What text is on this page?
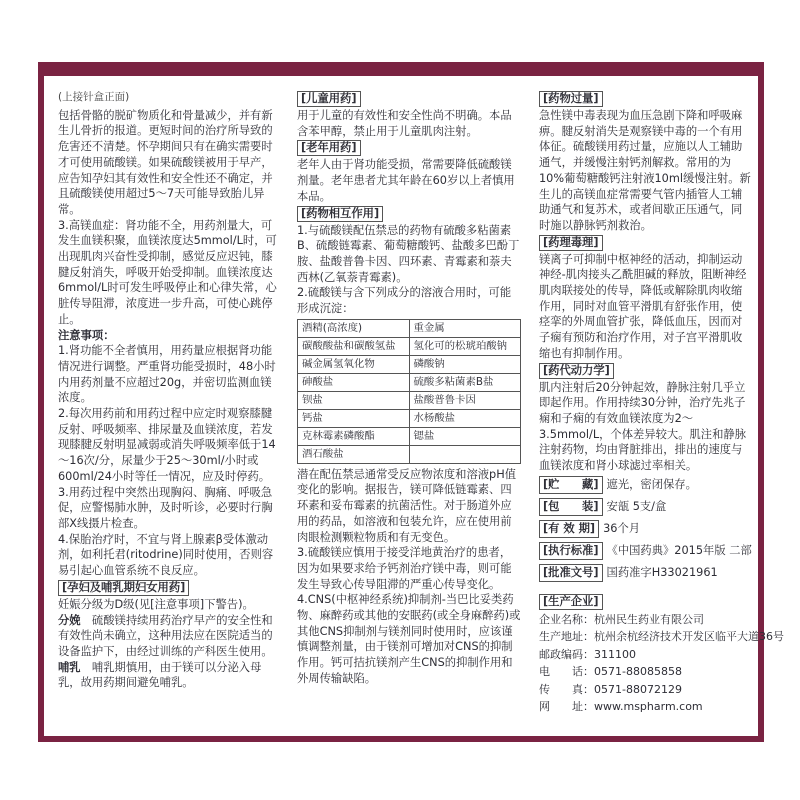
(上接针盒正面)

包括骨骼的脱矿物质化和骨量减少，并有新生儿骨折的报道。更短时间的治疗所导致的危害还不清楚。怀孕期间只有在确实需要时才可使用硫酸镁。如果硫酸镁被用于早产，应告知孕妇其有效性和安全性还不确定，并且硫酸镁使用超过5～7天可能导致胎儿异常。

3.高镁血症：肾功能不全，用药剂量大，可发生血镁积聚，血镁浓度达5mmol/L时，可出现肌肉兴奋性受抑制，感觉反应迟钝，膝腱反射消失，呼吸开始受抑制。血镁浓度达6mmol/L时可发生呼吸停止和心律失常，心脏传导阻滞，浓度进一步升高，可使心跳停止。

注意事项：

1.肾功能不全者慎用，用药量应根据肾功能情况进行调整。严重肾功能受损时，48小时内用药剂量不应超过20g，并密切监测血镁浓度。

2.每次用药前和用药过程中应定时观察膝腱反射、呼吸频率、排尿量及血镁浓度，若发现膝腱反射明显减弱或消失呼吸频率低于14～16次/分，尿量少于25～30ml/小时或600ml/24小时等任一情况，应及时停药。

3.用药过程中突然出现胸闷、胸痛、呼吸急促，应警惕肺水肿，及时听诊，必要时行胸部X线摄片检查。

4.保胎治疗时，不宜与肾上腺素β受体激动剂，如利托君(ritodrine)同时使用，否则容易引起心血管系统不良反应。

[孕妇及哺乳期妇女用药]

妊娠分级为D级(见[注意事项]下警告)。

分娩　 硫酸镁持续用药治疗早产的安全性和有效性尚未确立，这种用法应在医院适当的设备监护下，由经过训练的产科医生使用。

哺乳　 哺乳期慎用，由于镁可以分泌入母乳，故用药期间避免哺乳。

[儿童用药]

用于儿童的有效性和安全性尚不明确。本品含苯甲醇，禁止用于儿童肌肉注射。

[老年用药]

老年人由于肾功能受损，常需要降低硫酸镁剂量。老年患者尤其年龄在60岁以上者慎用本品。

[药物相互作用]

1.与硫酸镁配伍禁忌的药物有硫酸多粘菌素B、硫酸链霉素、葡萄糖酸钙、盐酸多巴酚丁胺、盐酸普鲁卡因、四环素、青霉素和萘夫西林(乙氧萘青霉素)。

2.硫酸镁与含下列成分的溶液合用时，可能形成沉淀：

酒精(高浓度)	重金属
碳酸酸盐和碳酸氢盐	氢化可的松琥珀酸钠
碱金属氢氧化物	磷酸钠
砷酸盐	硫酸多粘菌素B盐
钡盐	盐酸普鲁卡因
钙盐	水杨酸盐
克林霉素磷酸酯	锶盐
酒石酸盐	

潜在配伍禁忌通常受反应物浓度和溶液pH值变化的影响。据报告，镁可降低链霉素、四环素和妥布霉素的抗菌活性。对于肠道外应用的药品，如溶液和包装允许，应在使用前肉眼检测颗粒物质和有无变色。

3.硫酸镁应慎用于接受洋地黄治疗的患者，因为如果要求给予钙剂治疗镁中毒，则可能发生导致心传导阻滞的严重心传导变化。

4.CNS(中枢神经系统)抑制剂-当巴比妥类药物、麻醉药或其他的安眠药(或全身麻醉药)或其他CNS抑制剂与镁剂同时使用时，应该谨慎调整剂量，由于镁剂可增加对CNS的抑制作用。钙可拮抗镁剂产生CNS的抑制作用和外周传输缺陷。

[药物过量]

急性镁中毒表现为血压急剧下降和呼吸麻痹。腱反射消失是观察镁中毒的一个有用体征。硫酸镁用药过量，应施以人工辅助通气，并缓慢注射钙剂解救。常用的为10%葡萄糖酸钙注射液10ml缓慢注射。新生儿的高镁血症常需要气管内插管人工辅助通气和复苏术，或者间歇正压通气，同时施以静脉钙剂救治。

[药理毒理]

镁离子可抑制中枢神经的活动，抑制运动神经-肌肉接头乙酰胆碱的释放，阻断神经肌肉联接处的传导，降低或解除肌肉收缩作用，同时对血管平滑肌有舒张作用，使痉挛的外周血管扩张，降低血压，因而对子痫有预防和治疗作用，对子宫平滑肌收缩也有抑制作用。

[药代动力学]

肌内注射后20分钟起效，静脉注射几乎立即起作用。作用持续30分钟，治疗先兆子痫和子痫的有效血镁浓度为2～3.5mmol/L，个体差异较大。肌注和静脉注射药物，均由肾脏排出，排出的速度与血镁浓度和肾小球滤过率相关。

[贮　　藏] 遮光，密闭保存。
[包　　装] 安瓿 5支/盒
[有 效 期] 36个月
[执行标准] 《中国药典》2015年版 二部
[批准文号] 国药准字H33021961

[生产企业]

企业名称：杭州民生药业有限公司

生产地址：杭州余杭经济技术开发区临平大道36号

邮政编码：311100

电　　话：0571-88085858

传　　真：0571-88072129

网　　址：www.mspharm.com
